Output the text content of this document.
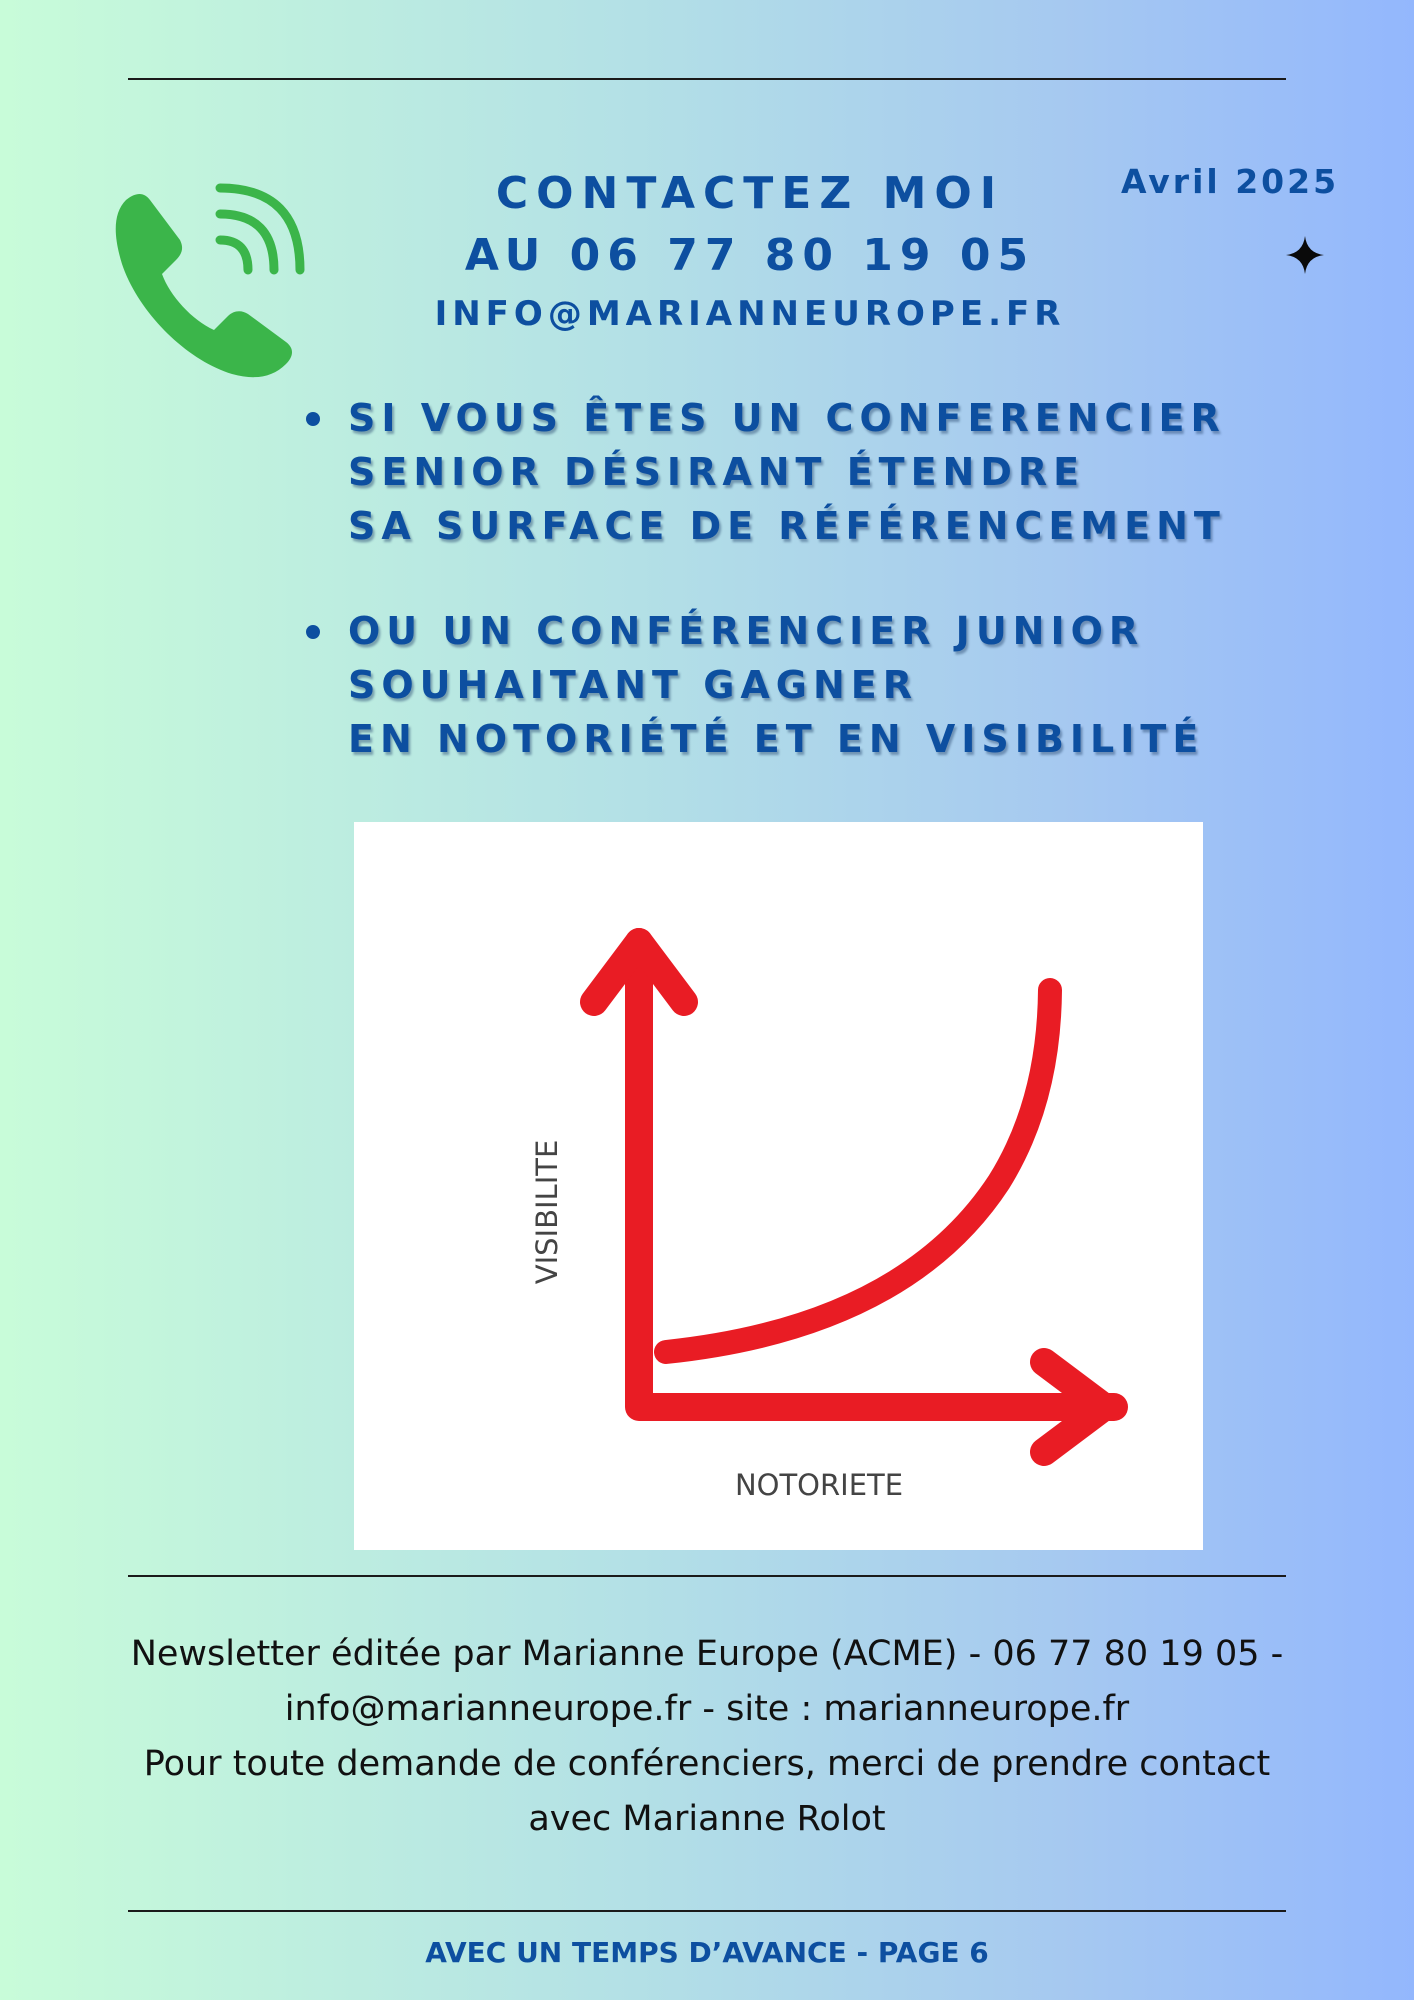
CONTACTEZ MOI
AU 06 77 80 19 05
INFO@MARIANNEUROPE.FR
Avril 2025
SI VOUS ÊTES UN CONFERENCIER
SENIOR DÉSIRANT ÉTENDRE
SA SURFACE DE RÉFÉRENCEMENT
OU UN CONFÉRENCIER JUNIOR
SOUHAITANT GAGNER
EN NOTORIÉTÉ ET EN VISIBILITÉ
VISIBILITE
NOTORIETE
Newsletter éditée par Marianne Europe (ACME) - 06 77 80 19 05 -
info@marianneurope.fr - site : marianneurope.fr
Pour toute demande de conférenciers, merci de prendre contact
avec Marianne Rolot
AVEC UN TEMPS D’AVANCE - PAGE 6
